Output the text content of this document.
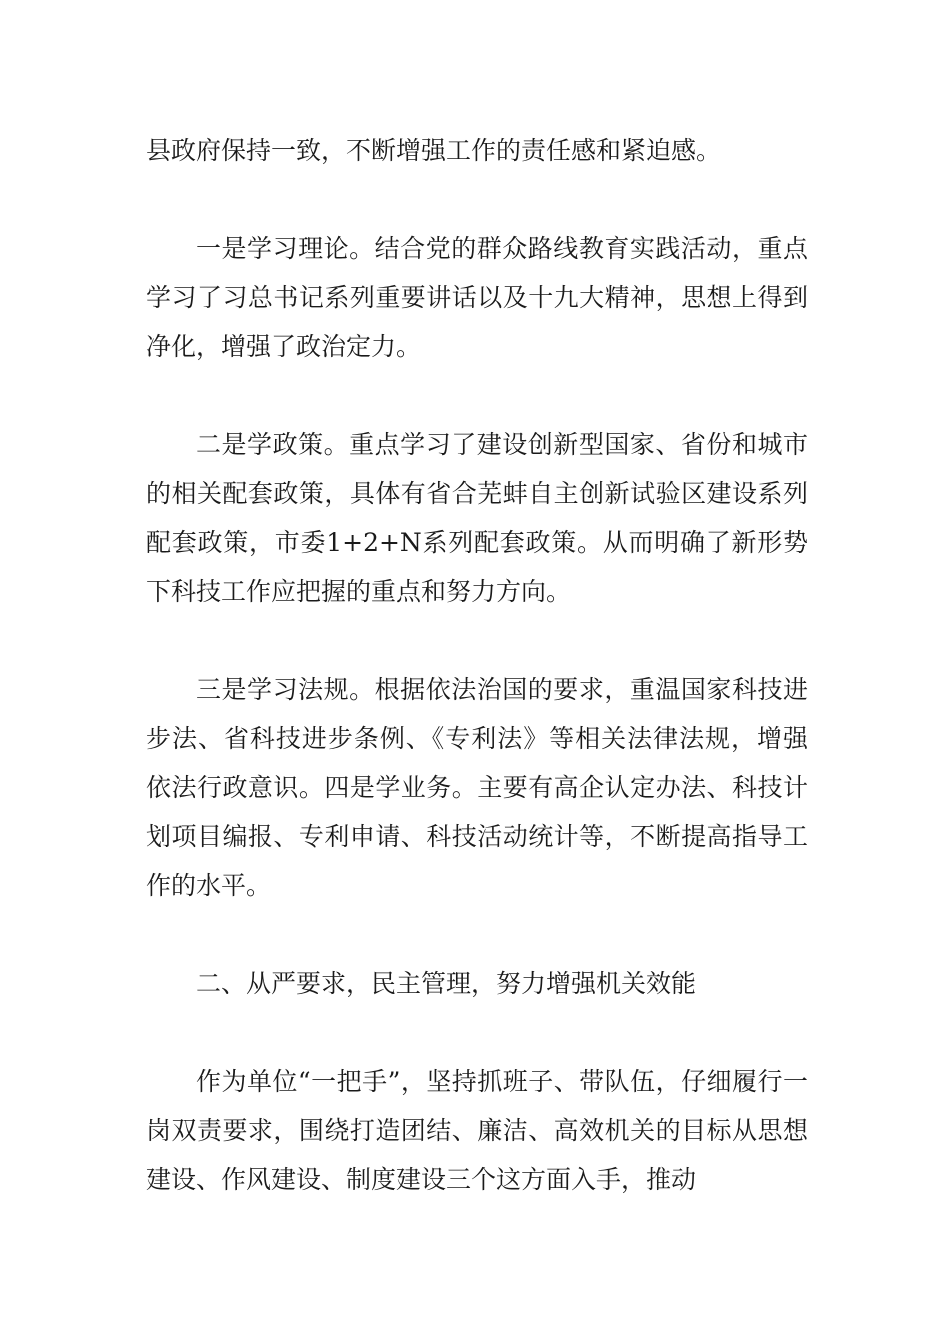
县政府保持一致，不断增强工作的责任感和紧迫感。

一是学习理论。结合党的群众路线教育实践活动，重点学习了习总书记系列重要讲话以及十九大精神，思想上得到净化，增强了政治定力。

二是学政策。重点学习了建设创新型国家、省份和城市的相关配套政策，具体有省合芜蚌自主创新试验区建设系列配套政策，市委1+2+N系列配套政策。从而明确了新形势下科技工作应把握的重点和努力方向。

三是学习法规。根据依法治国的要求，重温国家科技进步法、省科技进步条例、《专利法》等相关法律法规，增强依法行政意识。四是学业务。主要有高企认定办法、科技计划项目编报、专利申请、科技活动统计等，不断提高指导工作的水平。

二、从严要求，民主管理，努力增强机关效能

作为单位“一把手”，坚持抓班子、带队伍，仔细履行一岗双责要求，围绕打造团结、廉洁、高效机关的目标从思想建设、作风建设、制度建设三个这方面入手，推动
